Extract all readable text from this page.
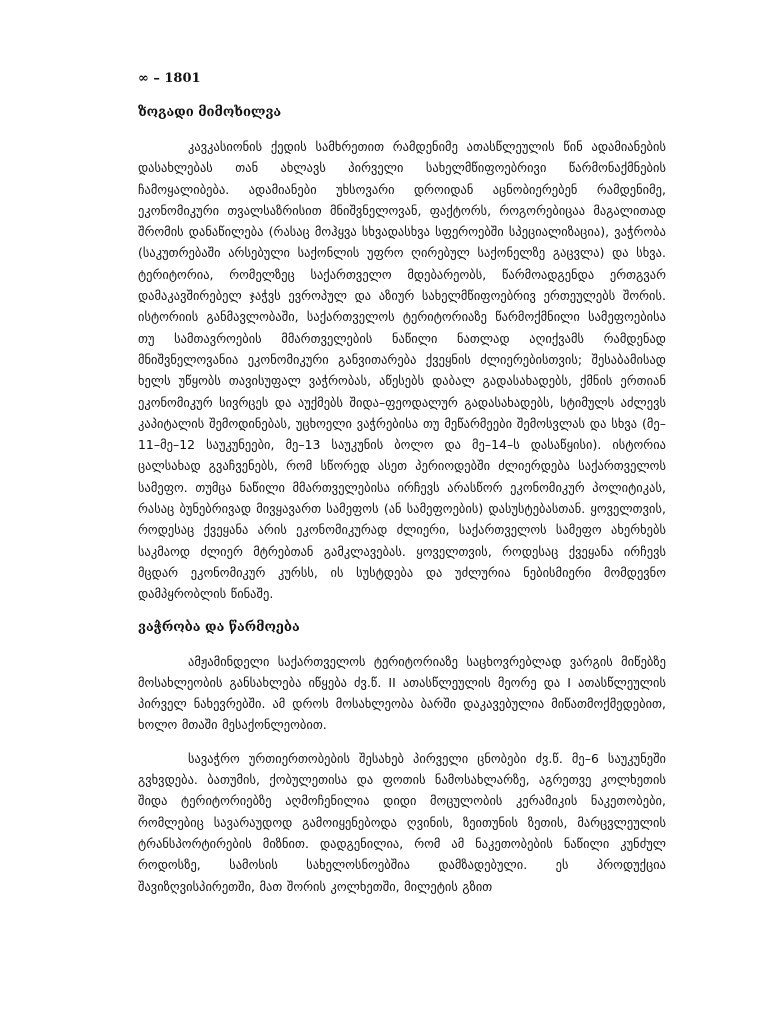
∞ – 1801

ზოგადი მიმოხილვა

კავკასიონის ქედის სამხრეთით რამდენიმე ათასწლეულის წინ ადამიანების დასახლებას თან ახლავს პირველი სახელმწიფოებრივი წარმონაქმნების ჩამოყალიბება. ადამიანები უხსოვარი დროიდან აცნობიერებენ რამდენიმე, ეკონომიკური თვალსაზრისით მნიშვნელოვან, ფაქტორს, როგორებიცაა მაგალითად შრომის დანაწილება (რასაც მოჰყვა სხვადასხვა სფეროებში სპეციალიზაცია), ვაჭრობა (საკუთრებაში არსებული საქონლის უფრო ღირებულ საქონელზე გაცვლა) და სხვა. ტერიტორია, რომელზეც საქართველო მდებარეობს, წარმოადგენდა ერთგვარ დამაკავშირებელ ჯაჭვს ევროპულ და აზიურ სახელმწიფოებრივ ერთეულებს შორის. ისტორიის განმავლობაში, საქართველოს ტერიტორიაზე წარმოქმნილი სამეფოებისა თუ სამთავროების მმართველების ნაწილი ნათლად აღიქვამს რამდენად მნიშვნელოვანია ეკონომიკური განვითარება ქვეყნის ძლიერებისთვის; შესაბამისად ხელს უწყობს თავისუფალ ვაჭრობას, აწესებს დაბალ გადასახადებს, ქმნის ერთიან ეკონომიკურ სივრცეს და აუქმებს შიდა–ფეოდალურ გადასახადებს, სტიმულს აძლევს კაპიტალის შემოდინებას, უცხოელი ვაჭრებისა თუ მეწარმეები შემოსვლას და სხვა (მე–11–მე–12 საუკუნეები, მე–13 საუკუნის ბოლო და მე–14–ს დასაწყისი). ისტორია ცალსახად გვაჩვენებს, რომ სწორედ ასეთ პერიოდებში ძლიერდება საქართველოს სამეფო. თუმცა ნაწილი მმართველებისა ირჩევს არასწორ ეკონომიკურ პოლიტიკას, რასაც ბუნებრივად მივყავართ სამეფოს (ან სამეფოების) დასუსტებასთან. ყოველთვის, როდესაც ქვეყანა არის ეკონომიკურად ძლიერი, საქართველოს სამეფო ახერხებს საკმაოდ ძლიერ მტრებთან გამკლავებას. ყოველთვის, როდესაც ქვეყანა ირჩევს მცდარ ეკონომიკურ კურსს, ის სუსტდება და უძლურია ნებისმიერი მომდევნო დამპყრობლის წინაშე.

ვაჭრობა და წარმოება

ამჟამინდელი საქართველოს ტერიტორიაზე საცხოვრებლად ვარგის მიწებზე მოსახლეობის განსახლება იწყება ძვ.წ. II ათასწლეულის მეორე და I ათასწლეულის პირველ ნახევრებში. ამ დროს მოსახლეობა ბარში დაკავებულია მიწათმოქმედებით, ხოლო მთაში მესაქონლეობით.

სავაჭრო ურთიერთობების შესახებ პირველი ცნობები ძვ.წ. მე–6 საუკუნეში გვხვდება. ბათუმის, ქობულეთისა და ფოთის ნამოსახლარზე, აგრეთვე კოლხეთის შიდა ტერიტორიებზე აღმოჩენილია დიდი მოცულობის კერამიკის ნაკეთობები, რომლებიც სავარაუდოდ გამოიყენებოდა ღვინის, ზეითუნის ზეთის, მარცვლეულის ტრანსპორტირების მიზნით. დადგენილია, რომ ამ ნაკეთობების ნაწილი კუნძულ როდოსზე, სამოსის სახელოსნოებშია დამზადებული. ეს პროდუქცია შავიზღვისპირეთში, მათ შორის კოლხეთში, მილეტის გზით
